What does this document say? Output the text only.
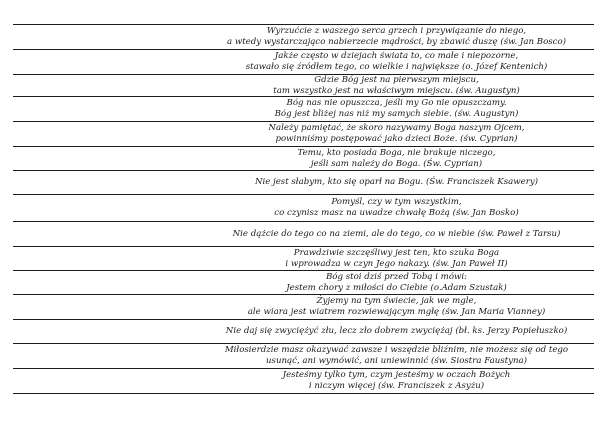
Wyrzućcie z waszego serca grzech i przywiązanie do niego,
a wtedy wystarczająco nabierzecie mądrości, by zbawić duszę (św. Jan Bosco)
Jakże często w dziejach świata to, co małe i niepozorne,
stawało się źródłem tego, co wielkie i największe (o. Józef Kentenich)
Gdzie Bóg jest na pierwszym miejscu,
tam wszystko jest na właściwym miejscu. (św. Augustyn)
Bóg nas nie opuszcza, jeśli my Go nie opuszczamy.
Bóg jest bliżej nas niż my samych siebie. (św. Augustyn)
Należy pamiętać, że skoro nazywamy Boga naszym Ojcem,
powinniśmy postępować jako dzieci Boże. (św. Cyprian)
Temu, kto posiada Boga, nie brakuje niczego,
jeśli sam należy do Boga. (Św. Cyprian)
Nie jest słabym, kto się oparł na Bogu. (Św. Franciszek Ksawery)
Pomyśl, czy w tym wszystkim,
co czynisz masz na uwadze chwałę Bożą (św. Jan Bosko)
Nie dążcie do tego co na ziemi, ale do tego, co w niebie (św. Paweł z Tarsu)
Prawdziwie szczęśliwy jest ten, kto szuka Boga
i wprowadza w czyn Jego nakazy. (św. Jan Paweł II)
Bóg stoi dziś przed Tobą i mówi:
Jestem chory z miłości do Ciebie (o.Adam Szustak)
Żyjemy na tym świecie, jak we mgle,
ale wiara jest wiatrem rozwiewającym mgłę (św. Jan Maria Vianney)
Nie daj się zwyciężyć złu, lecz zło dobrem zwyciężaj (bł. ks. Jerzy Popiełuszko)
Miłosierdzie masz okazywać zawsze i wszędzie bliźnim, nie możesz się od tego
usunąć, ani wymówić, ani uniewinnić (św. Siostra Faustyna)
Jesteśmy tylko tym, czym jesteśmy w oczach Bożych
i niczym więcej (św. Franciszek z Asyżu)
